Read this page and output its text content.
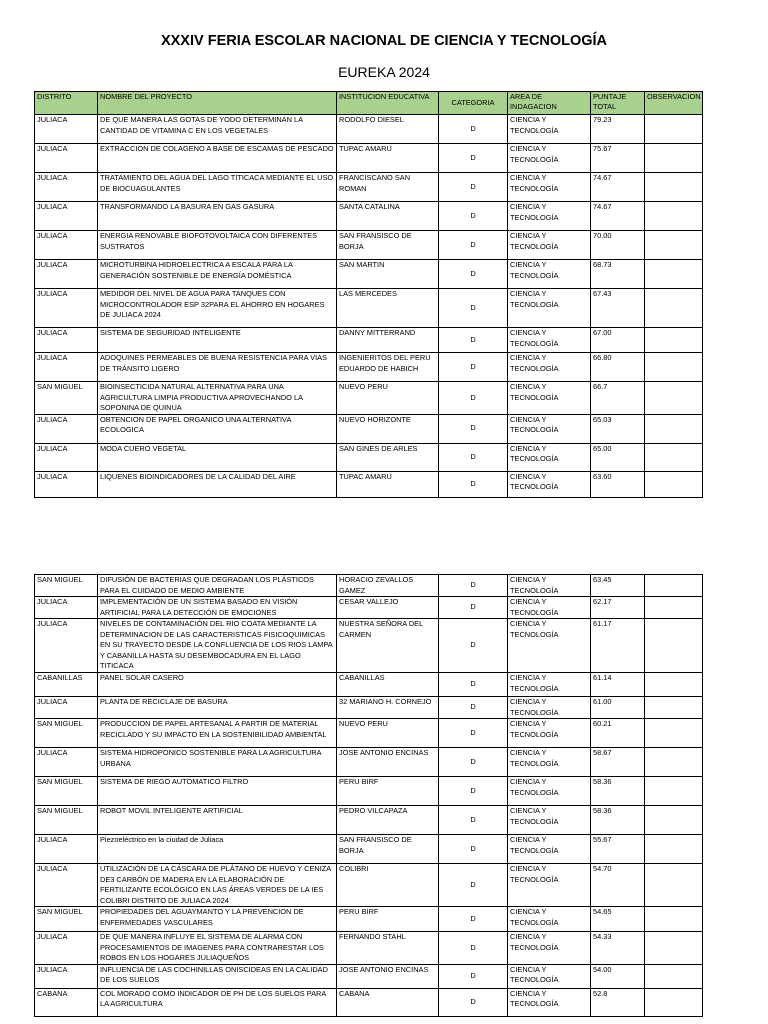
XXXIV FERIA ESCOLAR NACIONAL DE CIENCIA Y TECNOLOGÍA
EUREKA 2024
DISTRITO	NOMBRE DEL PROYECTO	INSTITUCION EDUCATIVA	CATEGORIA	AREA DE INDAGACION	PUNTAJE TOTAL	OBSERVACION
JULIACA	DE QUE MANERA LAS GOTAS DE YODO DETERMINAN LA CANTIDAD DE VITAMINA C EN LOS VEGETALES	RODOLFO DIESEL	D	CIENCIA Y TECNOLOGÍA	79.23	
JULIACA	EXTRACCION DE COLAGENO A BASE DE ESCAMAS DE PESCADO	TUPAC AMARU	D	CIENCIA Y TECNOLOGÍA	75.67	
JULIACA	TRATAMIENTO DEL AGUA DEL LAGO TITICACA MEDIANTE EL USO DE BIOCUAGULANTES	FRANCISCANO SAN ROMAN	D	CIENCIA Y TECNOLOGÍA	74.67	
JULIACA	TRANSFORMANDO LA BASURA EN GAS GASURA	SANTA CATALINA	D	CIENCIA Y TECNOLOGÍA	74.67	
JULIACA	ENERGIA RENOVABLE BIOFOTOVOLTAICA CON DIFERENTES SUSTRATOS	SAN FRANSISCO DE BORJA	D	CIENCIA Y TECNOLOGÍA	70.00	
JULIACA	MICROTURBINA HIDROELECTRICA A ESCALA PARA LA GENERACIÓN SOSTENIBLE DE ENERGÍA DOMÉSTICA	SAN MARTIN	D	CIENCIA Y TECNOLOGÍA	68.73	
JULIACA	MEDIDOR DEL NIVEL DE AGUA PARA TANQUES CON MICROCONTROLADOR ESP 32PARA EL AHORRO EN HOGARES DE JULIACA 2024	LAS MERCEDES	D	CIENCIA Y TECNOLOGÍA	67.43	
JULIACA	SISTEMA DE SEGURIDAD INTELIGENTE	DANNY MITTERRAND	D	CIENCIA Y TECNOLOGÍA	67.00	
JULIACA	ADOQUINES PERMEABLES DE BUENA RESISTENCIA PARA VIAS DE TRÁNSITO LIGERO	INGENIERITOS DEL PERU EDUARDO DE HABICH	D	CIENCIA Y TECNOLOGÍA	66.80	
SAN MIGUEL	BIOINSECTICIDA NATURAL ALTERNATIVA PARA UNA AGRICULTURA LIMPIA PRODUCTIVA APROVECHANDO LA SOPONINA DE QUINUA	NUEVO PERU	D	CIENCIA Y TECNOLOGÍA	66.7	
JULIACA	OBTENCION DE PAPEL ORGANICO UNA ALTERNATIVA ECOLOGICA	NUEVO HORIZONTE	D	CIENCIA Y TECNOLOGÍA	65.03	
JULIACA	MODA CUERO VEGETAL	SAN GINES DE ARLES	D	CIENCIA Y TECNOLOGÍA	65.00	
JULIACA	LIQUENES BIOINDICADORES DE LA CALIDAD DEL AIRE	TUPAC AMARU	D	CIENCIA Y TECNOLOGÍA	63.60	
SAN MIGUEL	DIFUSIÓN DE BACTERIAS QUE DEGRADAN LOS PLÁSTICOS PARA EL CUIDADO DE MEDIO AMBIENTE	HORACIO ZEVALLOS GAMEZ	D	CIENCIA Y TECNOLOGÍA	63.45	
JULIACA	IMPLEMENTACIÓN DE UN SISTEMA BASADO EN VISIÓN ARTIFICIAL PARA LA DETECCIÓN DE EMOCIONES	CESAR VALLEJO	D	CIENCIA Y TECNOLOGÍA	62.17	
JULIACA	NIVELES DE CONTAMINACIÓN DEL RIO COATA MEDIANTE LA DETERMINACION DE LAS CARACTERISTICAS FISICOQUIMICAS EN SU TRAYECTO DESDE LA CONFLUENCIA DE LOS RIOS LAMPA Y CABANILLA HASTA SU DESEMBOCADURA EN EL LAGO TITICACA	NUESTRA SEÑORA DEL CARMEN	D	CIENCIA Y TECNOLOGÍA	61.17	
CABANILLAS	PANEL SOLAR CASERO	CABANILLAS	D	CIENCIA Y TECNOLOGÍA	61.14	
JULIACA	PLANTA DE RECICLAJE DE BASURA	32 MARIANO H. CORNEJO	D	CIENCIA Y TECNOLOGÍA	61.00	
SAN MIGUEL	PRODUCCION DE PAPEL ARTESANAL A PARTIR DE MATERIAL RECICLADO Y SU IMPACTO EN LA SOSTENIBILIDAD AMBIENTAL	NUEVO PERU	D	CIENCIA Y TECNOLOGÍA	60.21	
JULIACA	SISTEMA HIDROPONICO SOSTENIBLE PARA LA AGRICULTURA URBANA	JOSE ANTONIO ENCINAS	D	CIENCIA Y TECNOLOGÍA	58.67	
SAN MIGUEL	SISTEMA DE RIEGO AUTOMATICO FILTRO	PERU BIRF	D	CIENCIA Y TECNOLOGÍA	58.36	
SAN MIGUEL	ROBOT MOVIL INTELIGENTE ARTIFICIAL	PEDRO VILCAPAZA	D	CIENCIA Y TECNOLOGÍA	58.36	
JULIACA	Piezoeléctrico en la ciudad de Juliaca	SAN FRANSISCO DE BORJA	D	CIENCIA Y TECNOLOGÍA	55.67	
JULIACA	UTILIZACIÓN DE LA CÁSCARA DE PLÁTANO DE HUEVO Y CENIZA DE3 CARBÓN DE MADERA EN LA ELABORACIÓN DE FERTILIZANTE ECOLÓGICO EN LAS ÁREAS VERDES DE LA IES COLIBRI DISTRITO DE JULIACA 2024	COLIBRI	D	CIENCIA Y TECNOLOGÍA	54.70	
SAN MIGUEL	PROPIEDADES DEL AGUAYMANTO Y LA PREVENCION DE ENFERMEDADES VASCULARES	PERU BIRF	D	CIENCIA Y TECNOLOGÍA	54.65	
JULIACA	DE QUE MANERA INFLUYE EL SISTEMA DE ALARMA CON PROCESAMIENTOS DE IMAGENES PARA CONTRARESTAR LOS ROBOS EN LOS HOGARES JULIAQUEÑOS	FERNANDO STAHL	D	CIENCIA Y TECNOLOGÍA	54.33	
JULIACA	INFLUENCIA DE LAS COCHINILLAS ONISCIDEAS EN LA CALIDAD DE LOS SUELOS	JOSE ANTONIO ENCINAS	D	CIENCIA Y TECNOLOGÍA	54.00	
CABANA	COL MORADO COMO INDICADOR DE PH DE LOS SUELOS PARA LA AGRICULTURA	CABANA	D	CIENCIA Y TECNOLOGÍA	52.8	
